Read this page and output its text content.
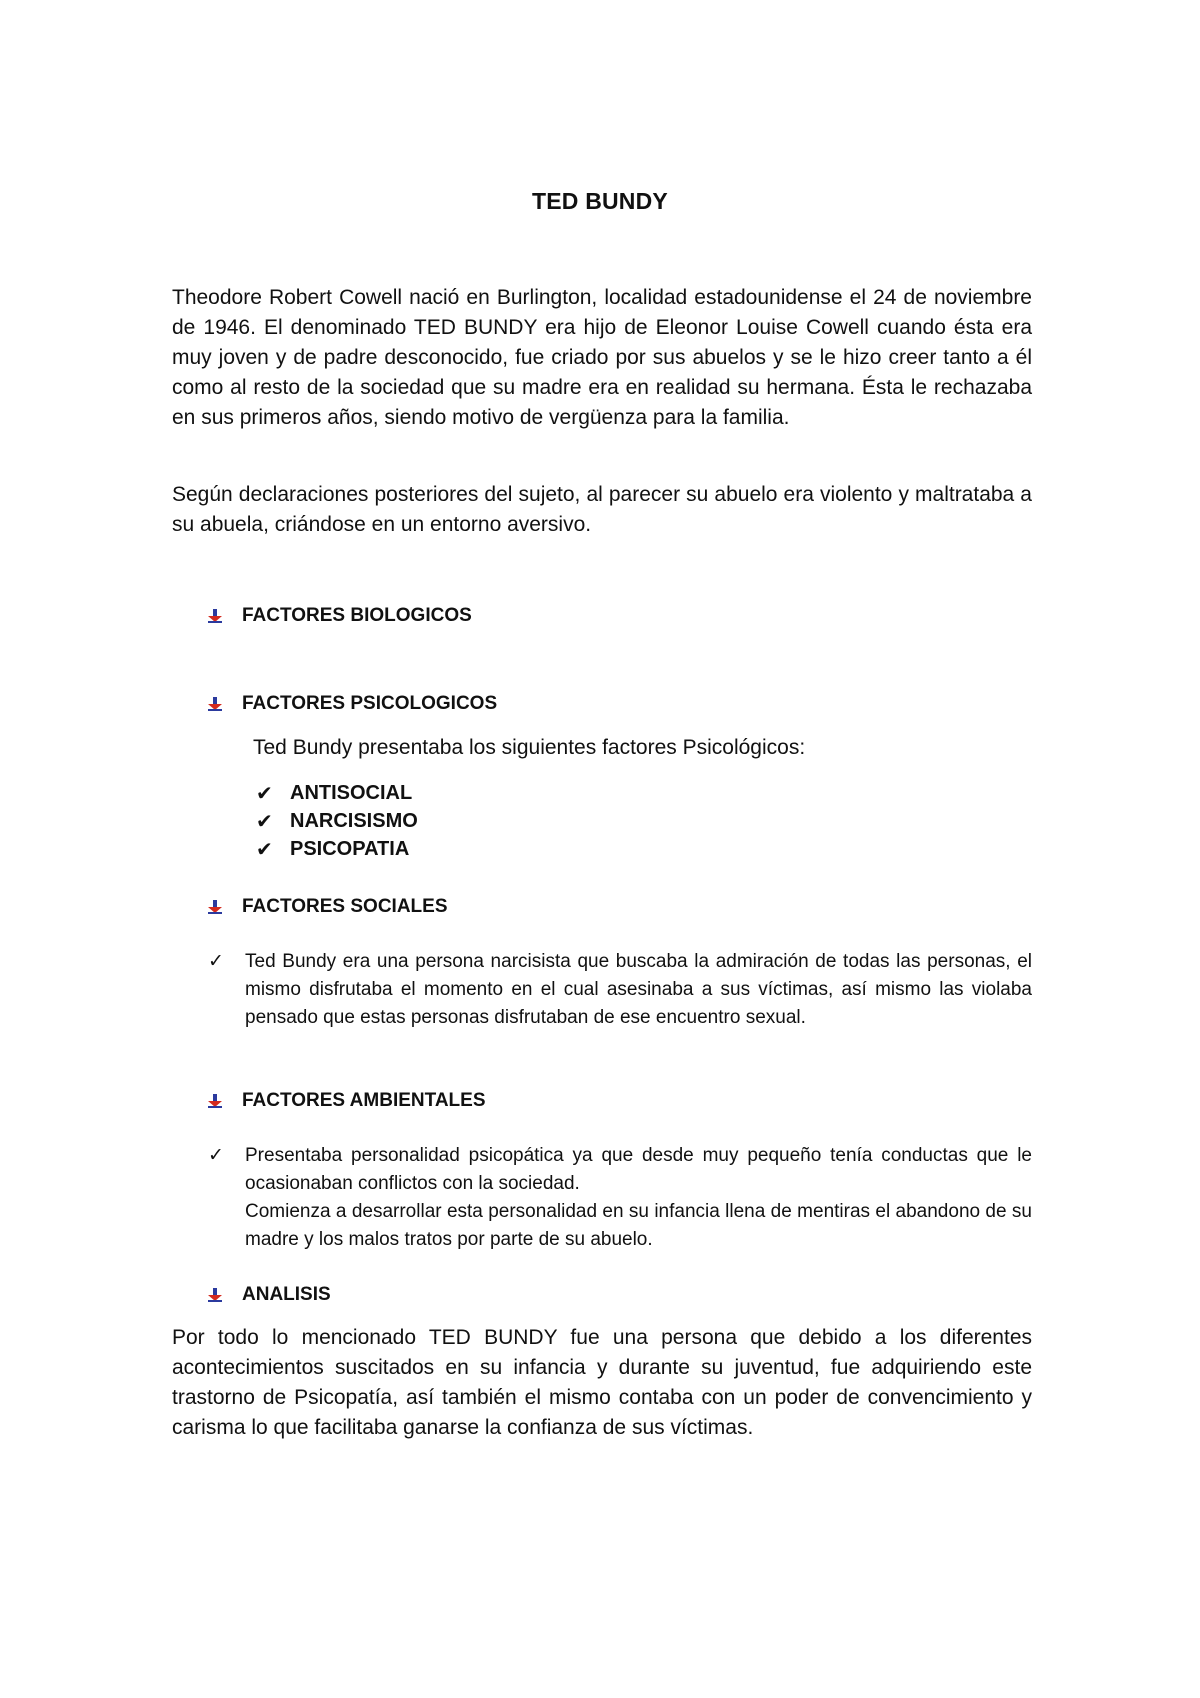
TED BUNDY

Theodore Robert Cowell nació en Burlington, localidad estadounidense el 24 de noviembre de 1946. El denominado TED BUNDY era hijo de Eleonor Louise Cowell cuando ésta era muy joven y de padre desconocido, fue criado por sus abuelos y se le hizo creer tanto a él como al resto de la sociedad que su madre era en realidad su hermana. Ésta le rechazaba en sus primeros años, siendo motivo de vergüenza para la familia.

Según declaraciones posteriores del sujeto, al parecer su abuelo era violento y maltrataba a su abuela, criándose en un entorno aversivo.

FACTORES BIOLOGICOS
FACTORES PSICOLOGICOS
Ted Bundy presentaba los siguientes factores Psicológicos:
✔ ANTISOCIAL
✔ NARCISISMO
✔ PSICOPATIA
FACTORES SOCIALES
✓	Ted Bundy era una persona narcisista que buscaba la admiración de todas las personas, el mismo disfrutaba el momento en el cual asesinaba a sus víctimas, así mismo las violaba pensado que estas personas disfrutaban de ese encuentro sexual.

FACTORES AMBIENTALES
✓	Presentaba personalidad psicopática ya que desde muy pequeño tenía conductas que le ocasionaban conflictos con la sociedad.

Comienza a desarrollar esta personalidad en su infancia llena de mentiras el abandono de su madre y los malos tratos por parte de su abuelo.

ANALISIS

Por todo lo mencionado TED BUNDY fue una persona que debido a los diferentes acontecimientos suscitados en su infancia y durante su juventud, fue adquiriendo este trastorno de Psicopatía, así también el mismo contaba con un poder de convencimiento y carisma lo que facilitaba ganarse la confianza de sus víctimas.
